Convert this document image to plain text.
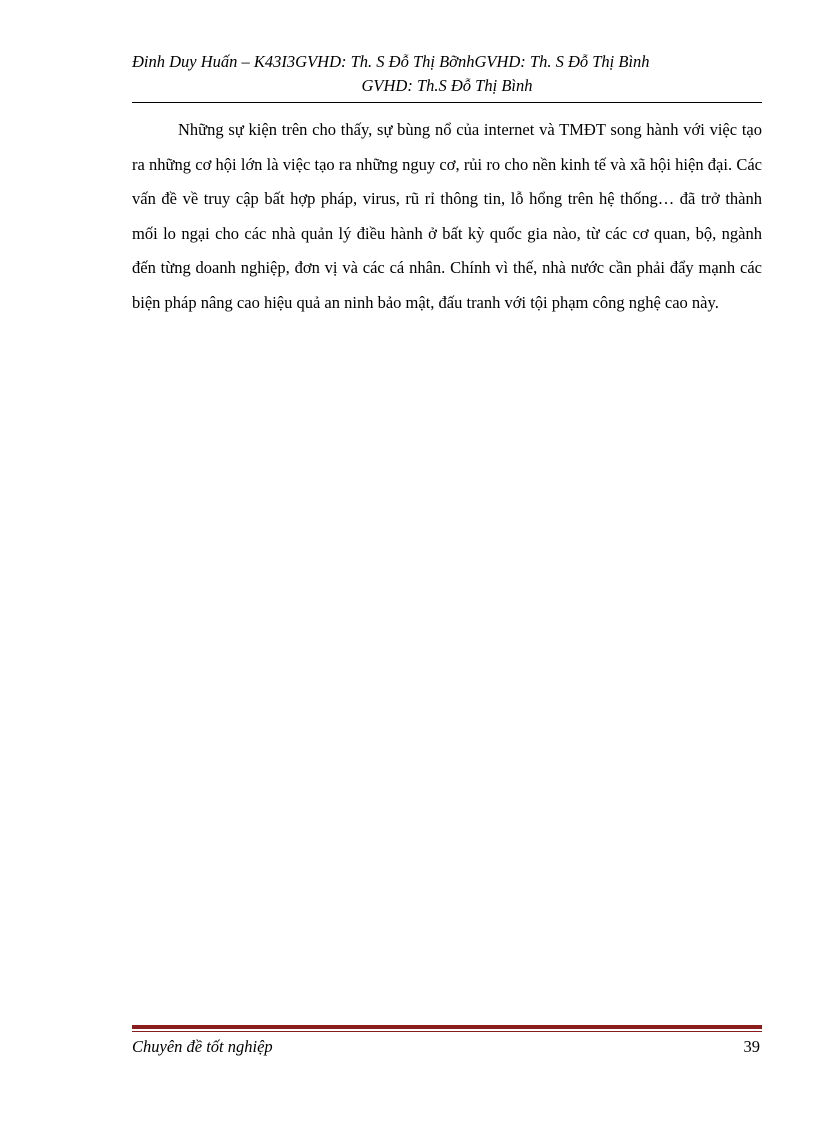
Đinh Duy Huấn – K43I3GVHD: Th. S Đỗ Thị BỡnhGVHD: Th. S Đỗ Thị Bình
GVHD: Th.S Đỗ Thị Bình

Những sự kiện trên cho thấy, sự bùng nổ của internet và TMĐT song hành với việc tạo ra những cơ hội lớn là việc tạo ra những nguy cơ, rủi ro cho nền kinh tế và xã hội hiện đại. Các vấn đề về truy cập bất hợp pháp, virus, rũ rỉ thông tin, lỗ hổng trên hệ thống… đã trở thành mối lo ngại cho các nhà quản lý điều hành ở bất kỳ quốc gia nào, từ các cơ quan, bộ, ngành đến từng doanh nghiệp, đơn vị và các cá nhân. Chính vì thế, nhà nước cần phải đẩy mạnh các biện pháp nâng cao hiệu quả an ninh bảo mật, đấu tranh với tội phạm công nghệ cao này.

Chuyên đề tốt nghiệp	39
